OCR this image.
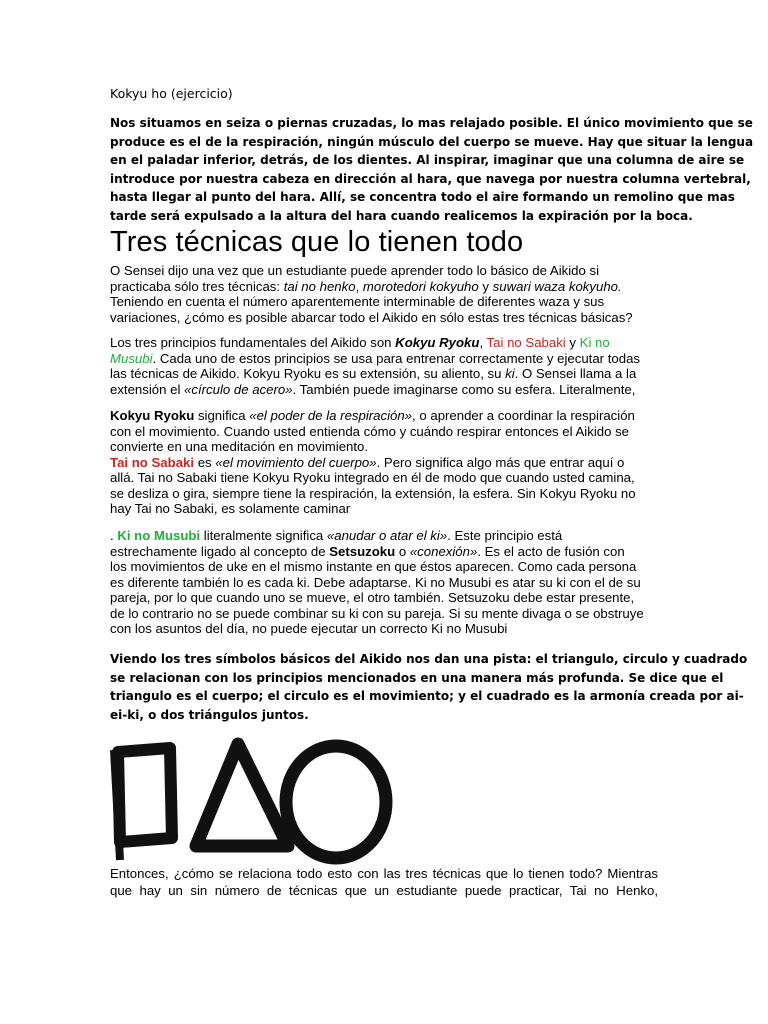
Kokyu ho (ejercicio)
Nos situamos en seiza o piernas cruzadas, lo mas relajado posible. El único movimiento que se
produce es el de la respiración, ningún músculo del cuerpo se mueve. Hay que situar la lengua
en el paladar inferior, detrás, de los dientes. Al inspirar, imaginar que una columna de aire se
introduce por nuestra cabeza en dirección al hara, que navega por nuestra columna vertebral,
hasta llegar al punto del hara. Allí, se concentra todo el aire formando un remolino que mas
tarde será expulsado a la altura del hara cuando realicemos la expiración por la boca.
Tres técnicas que lo tienen todo
O Sensei dijo una vez que un estudiante puede aprender todo lo básico de Aikido si
practicaba sólo tres técnicas: tai no henko, morotedori kokyuho y suwari waza kokyuho.
Teniendo en cuenta el número aparentemente interminable de diferentes waza y sus
variaciones, ¿cómo es posible abarcar todo el Aikido en sólo estas tres técnicas básicas?
Los tres principios fundamentales del Aikido son Kokyu Ryoku, Tai no Sabaki y Ki no
Musubi. Cada uno de estos principios se usa para entrenar correctamente y ejecutar todas
las técnicas de Aikido. Kokyu Ryoku es su extensión, su aliento, su ki. O Sensei llama a la
extensión el «círculo de acero». También puede imaginarse como su esfera. Literalmente,
Kokyu Ryoku significa «el poder de la respiración», o aprender a coordinar la respiración
con el movimiento. Cuando usted entienda cómo y cuándo respirar entonces el Aikido se
convierte en una meditación en movimiento.
Tai no Sabaki es «el movimiento del cuerpo». Pero significa algo más que entrar aquí o
allá. Tai no Sabaki tiene Kokyu Ryoku integrado en él de modo que cuando usted camina,
se desliza o gira, siempre tiene la respiración, la extensión, la esfera. Sin Kokyu Ryoku no
hay Tai no Sabaki, es solamente caminar
. Ki no Musubi literalmente significa «anudar o atar el ki». Este principio está
estrechamente ligado al concepto de Setsuzoku o «conexión». Es el acto de fusión con
los movimientos de uke en el mismo instante en que éstos aparecen. Como cada persona
es diferente también lo es cada ki. Debe adaptarse. Ki no Musubi es atar su ki con el de su
pareja, por lo que cuando uno se mueve, el otro también. Setsuzoku debe estar presente,
de lo contrario no se puede combinar su ki con su pareja. Si su mente divaga o se obstruye
con los asuntos del día, no puede ejecutar un correcto Ki no Musubi
Viendo los tres símbolos básicos del Aikido nos dan una pista: el triangulo, circulo y cuadrado
se relacionan con los principios mencionados en una manera más profunda. Se dice que el
triangulo es el cuerpo; el circulo es el movimiento; y el cuadrado es la armonía creada por ai-
ei-ki, o dos triángulos juntos.
Entonces, ¿cómo se relaciona todo esto con las tres técnicas que lo tienen todo? Mientras
que hay un sin número de técnicas que un estudiante puede practicar, Tai no Henko,
